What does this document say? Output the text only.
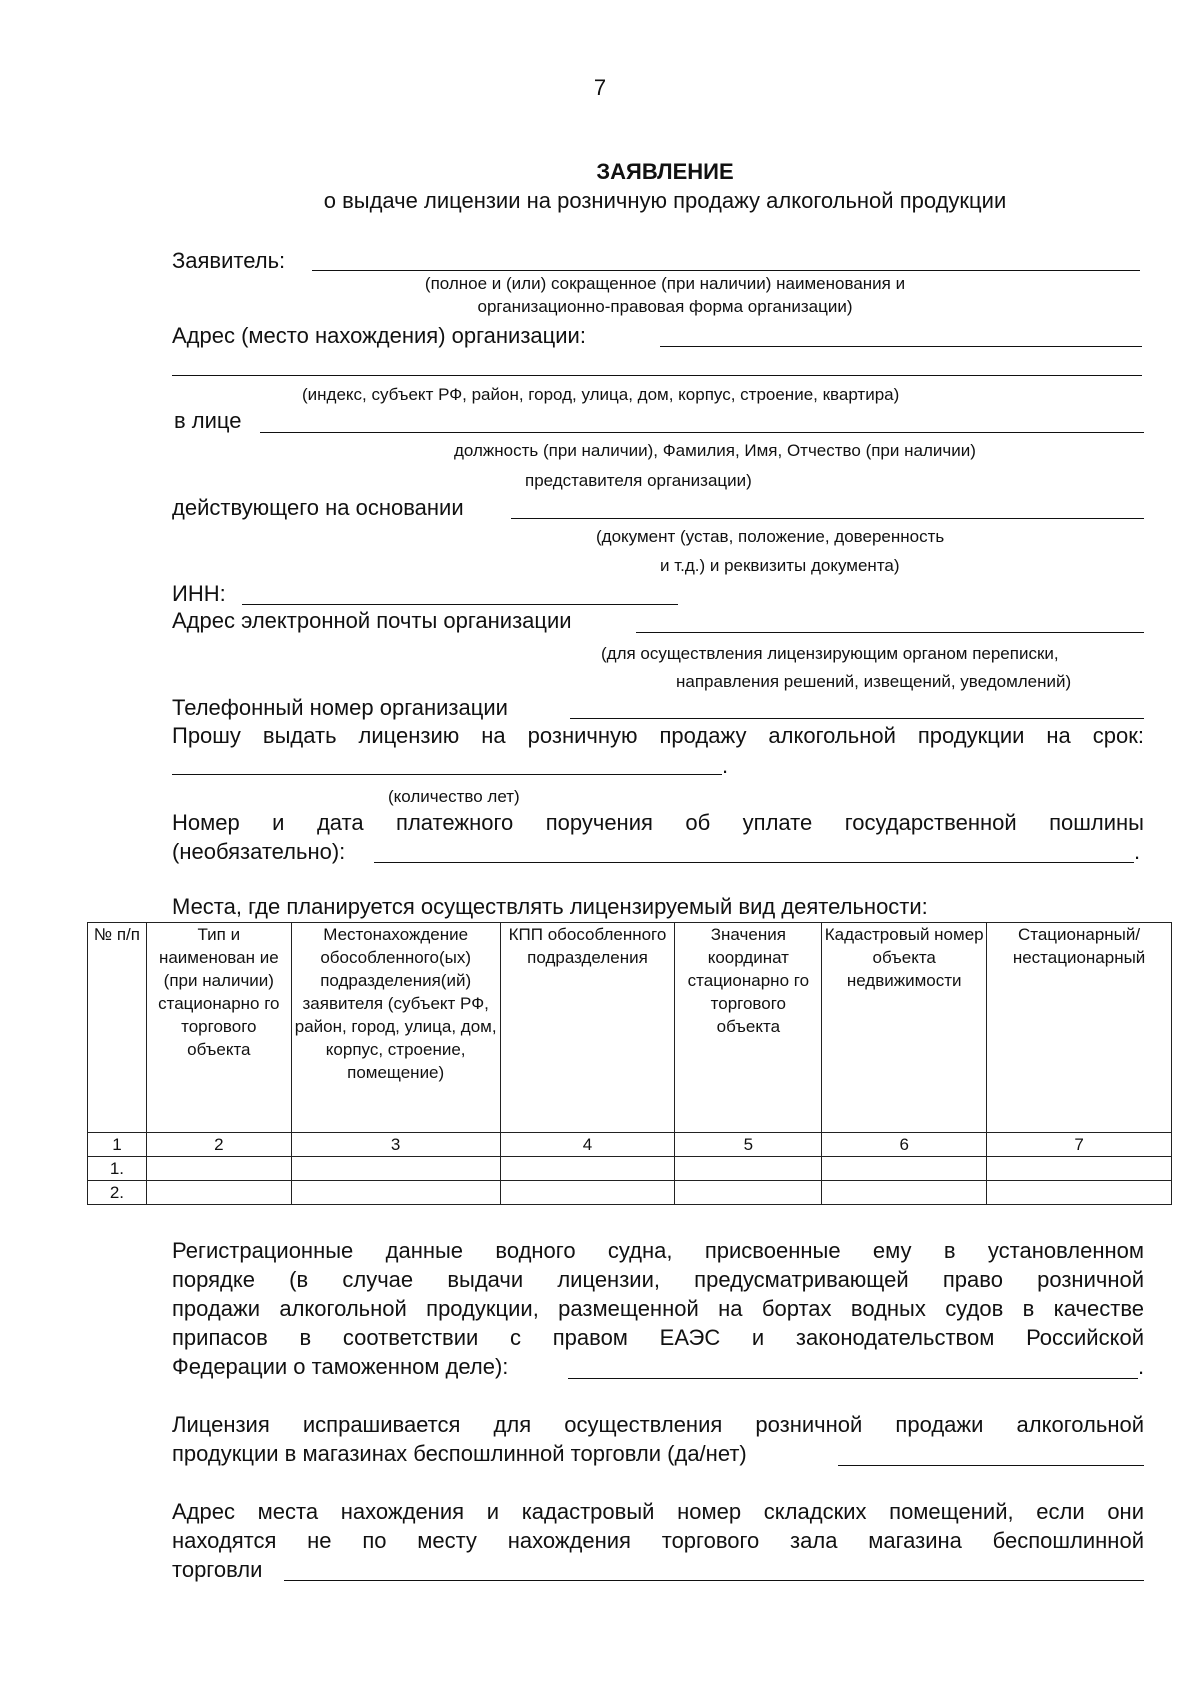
7
ЗАЯВЛЕНИЕ
о выдаче лицензии на розничную продажу алкогольной продукции
Заявитель:
(полное и (или) сокращенное (при наличии) наименования и
организационно-правовая форма организации)
Адрес (место нахождения) организации:
(индекс, субъект РФ, район, город, улица, дом, корпус, строение, квартира)
в лице
должность (при наличии), Фамилия, Имя, Отчество (при наличии)
представителя организации)
действующего на основании
(документ (устав, положение, доверенность
и т.д.) и реквизиты документа)
ИНН:
Адрес электронной почты организации
(для осуществления лицензирующим органом переписки,
направления решений, извещений, уведомлений)
Телефонный номер организации
Прошу выдать лицензию на розничную продажу алкогольной продукции на срок:
.
(количество лет)
Номер и дата платежного поручения об уплате государственной пошлины
(необязательно):	.
Места, где планируется осуществлять лицензируемый вид деятельности:
№ п/п	Тип и наименован ие (при наличии) стационарно го торгового объекта	Местонахождение обособленного(ых) подразделения(ий) заявителя (субъект РФ, район, город, улица, дом, корпус, строение, помещение)	КПП обособленного подразделения	Значения координат стационарно го торгового объекта	Кадастровый номер объекта недвижимости	Стационарный/ нестационарный
1	2	3	4	5	6	7
1.						
2.						
Регистрационные данные водного судна, присвоенные ему в установленном
порядке (в случае выдачи лицензии, предусматривающей право розничной
продажи алкогольной продукции, размещенной на бортах водных судов в качестве
припасов в соответствии с правом ЕАЭС и законодательством Российской
Федерации о таможенном деле):	.
Лицензия испрашивается для осуществления розничной продажи алкогольной
продукции в магазинах беспошлинной торговли (да/нет)
Адрес места нахождения и кадастровый номер складских помещений, если они
находятся не по месту нахождения торгового зала магазина беспошлинной
торговли
